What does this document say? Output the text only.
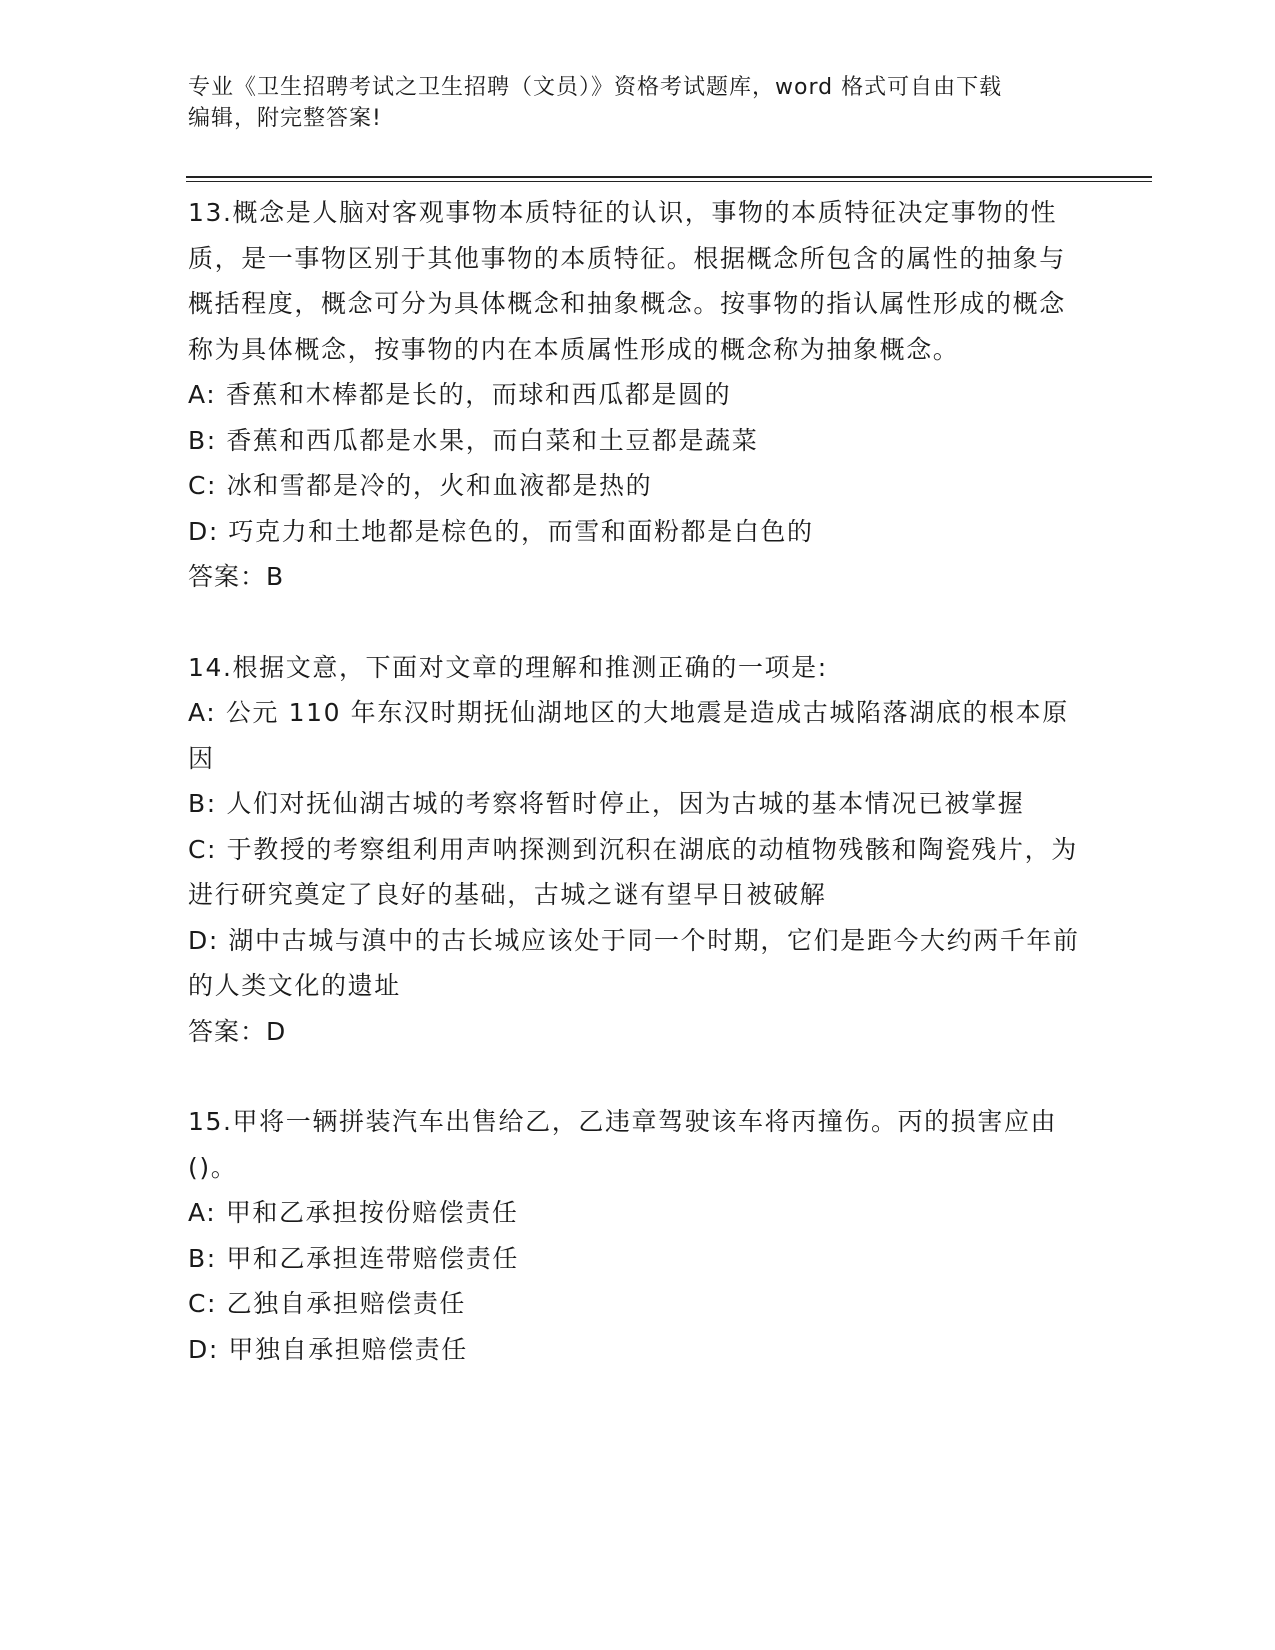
专业《卫生招聘考试之卫生招聘（文员）》资格考试题库，word 格式可自由下载
编辑，附完整答案!
13.概念是人脑对客观事物本质特征的认识，事物的本质特征决定事物的性质，是一事物区别于其他事物的本质特征。根据概念所包含的属性的抽象与概括程度，概念可分为具体概念和抽象概念。按事物的指认属性形成的概念称为具体概念，按事物的内在本质属性形成的概念称为抽象概念。
A: 香蕉和木棒都是长的，而球和西瓜都是圆的
B: 香蕉和西瓜都是水果，而白菜和土豆都是蔬菜
C: 冰和雪都是冷的，火和血液都是热的
D: 巧克力和土地都是棕色的，而雪和面粉都是白色的
答案：B
14.根据文意，下面对文章的理解和推测正确的一项是:
A: 公元 110 年东汉时期抚仙湖地区的大地震是造成古城陷落湖底的根本原因
B: 人们对抚仙湖古城的考察将暂时停止，因为古城的基本情况已被掌握
C: 于教授的考察组利用声呐探测到沉积在湖底的动植物残骸和陶瓷残片，为进行研究奠定了良好的基础，古城之谜有望早日被破解
D: 湖中古城与滇中的古长城应该处于同一个时期，它们是距今大约两千年前的人类文化的遗址
答案：D
15.甲将一辆拼装汽车出售给乙，乙违章驾驶该车将丙撞伤。丙的损害应由()。
A: 甲和乙承担按份赔偿责任
B: 甲和乙承担连带赔偿责任
C: 乙独自承担赔偿责任
D: 甲独自承担赔偿责任
